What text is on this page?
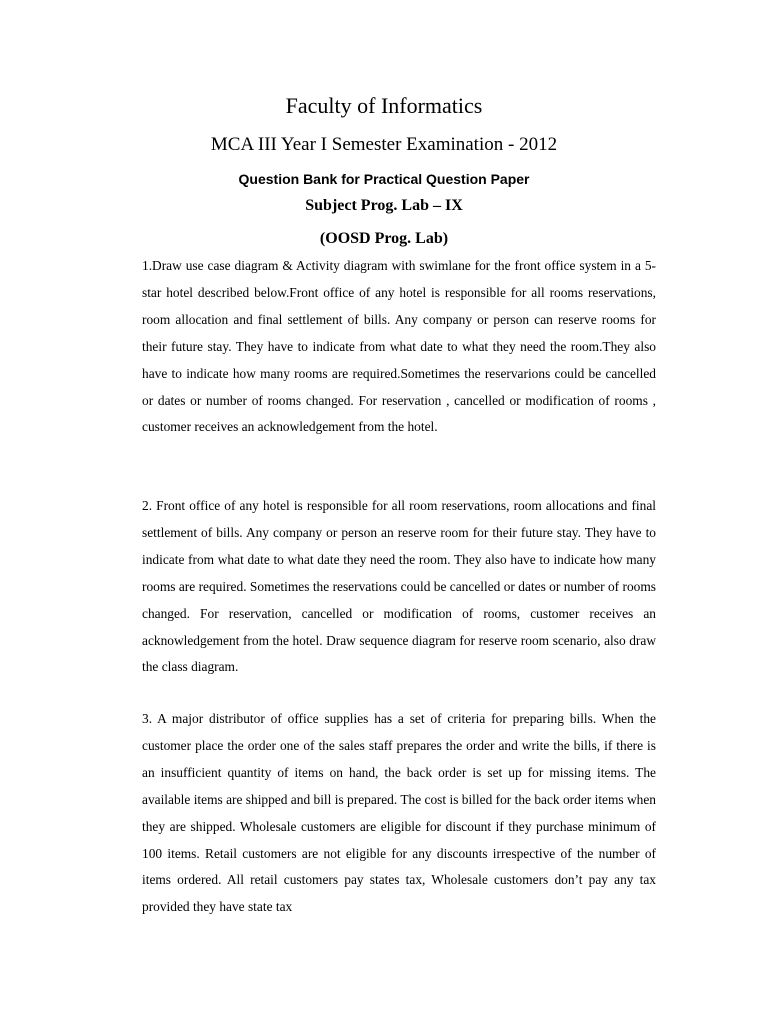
Faculty of Informatics
MCA III Year I Semester Examination - 2012
Question Bank for Practical Question Paper
Subject Prog. Lab – IX
(OOSD Prog. Lab)

1.Draw use case diagram & Activity diagram with swimlane for the front office system in a 5-star hotel described below.Front office of any hotel is responsible for all rooms reservations, room allocation and final settlement of bills. Any company or person can reserve rooms for their future stay. They have to indicate from what date to what they need the room.They also have to indicate how many rooms are required.Sometimes the reservarions could be cancelled or dates or number of rooms changed. For reservation , cancelled or modification of rooms , customer receives an acknowledgement from the hotel.

2. Front office of any hotel is responsible for all room reservations, room allocations and final settlement of bills. Any company or person an reserve room for their future stay. They have to indicate from what date to what date they need the room. They also have to indicate how many rooms are required. Sometimes the reservations could be cancelled or dates or number of rooms changed. For reservation, cancelled or modification of rooms, customer receives an acknowledgement from the hotel. Draw sequence diagram for reserve room scenario, also draw the class diagram.

3. A major distributor of office supplies has a set of criteria for preparing bills. When the customer place the order one of the sales staff prepares the order and write the bills, if there is an insufficient quantity of items on hand, the back order is set up for missing items. The available items are shipped and bill is prepared. The cost is billed for the back order items when they are shipped. Wholesale customers are eligible for discount if they purchase minimum of 100 items. Retail customers are not eligible for any discounts irrespective of the number of items ordered. All retail customers pay states tax, Wholesale customers don’t pay any tax provided they have state tax
